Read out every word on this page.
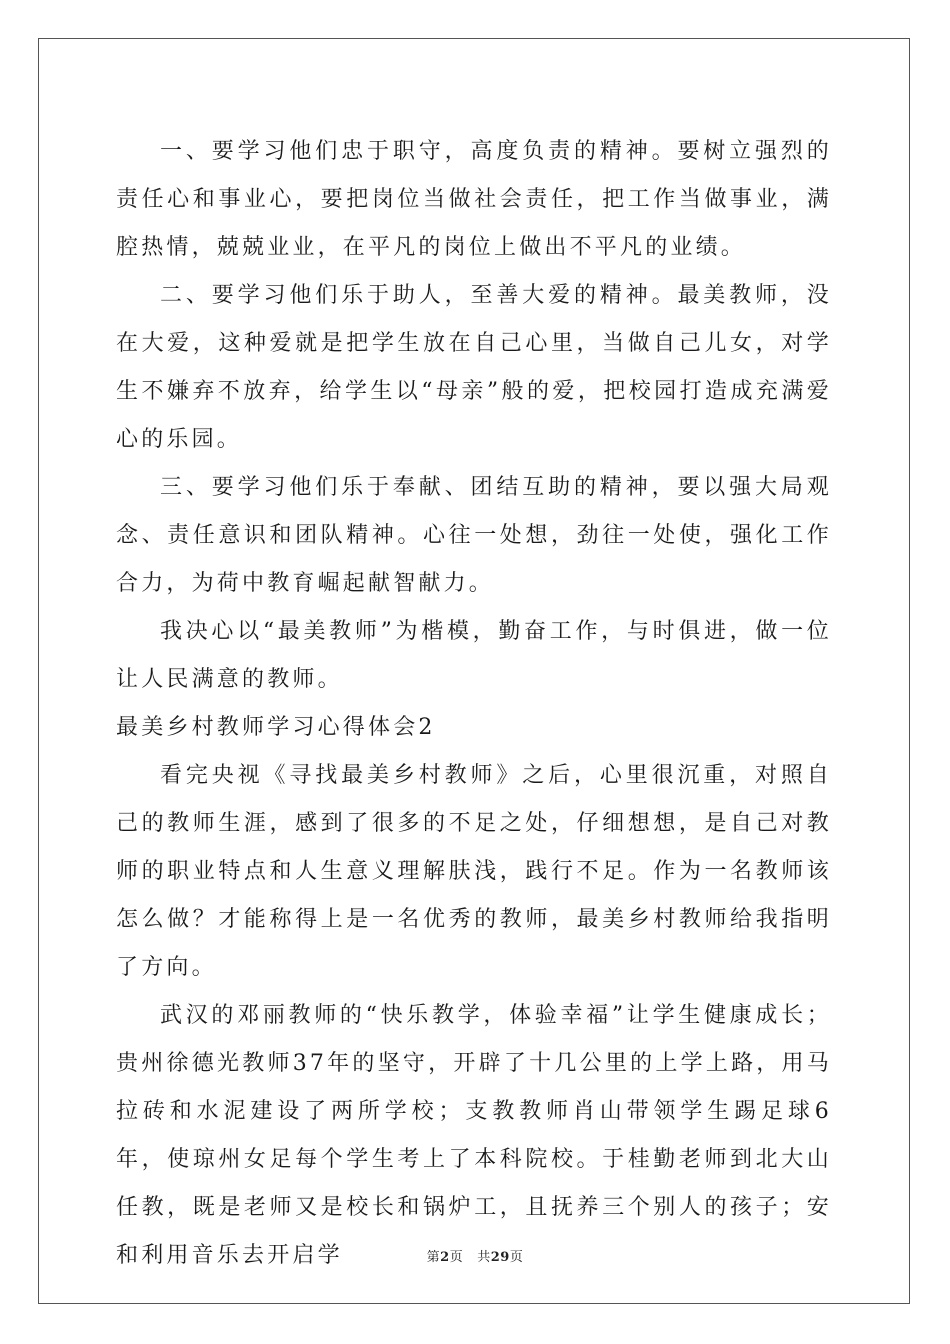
一、要学习他们忠于职守，高度负责的精神。要树立强烈的责任心和事业心，要把岗位当做社会责任，把工作当做事业，满腔热情，兢兢业业，在平凡的岗位上做出不平凡的业绩。

二、要学习他们乐于助人，至善大爱的精神。最美教师，没在大爱，这种爱就是把学生放在自己心里，当做自己儿女，对学生不嫌弃不放弃，给学生以“母亲”般的爱，把校园打造成充满爱心的乐园。

三、要学习他们乐于奉献、团结互助的精神，要以强大局观念、责任意识和团队精神。心往一处想，劲往一处使，强化工作合力，为荷中教育崛起献智献力。

我决心以“最美教师”为楷模，勤奋工作，与时俱进，做一位让人民满意的教师。

最美乡村教师学习心得体会2

看完央视《寻找最美乡村教师》之后，心里很沉重，对照自己的教师生涯，感到了很多的不足之处，仔细想想，是自己对教师的职业特点和人生意义理解肤浅，践行不足。作为一名教师该怎么做？才能称得上是一名优秀的教师，最美乡村教师给我指明了方向。

武汉的邓丽教师的“快乐教学，体验幸福”让学生健康成长；贵州徐德光教师37年的坚守，开辟了十几公里的上学上路，用马拉砖和水泥建设了两所学校；支教教师肖山带领学生踢足球6年，使琼州女足每个学生考上了本科院校。于桂勤老师到北大山任教，既是老师又是校长和锅炉工，且抚养三个别人的孩子；安和利用音乐去开启学	第2页 共29页
